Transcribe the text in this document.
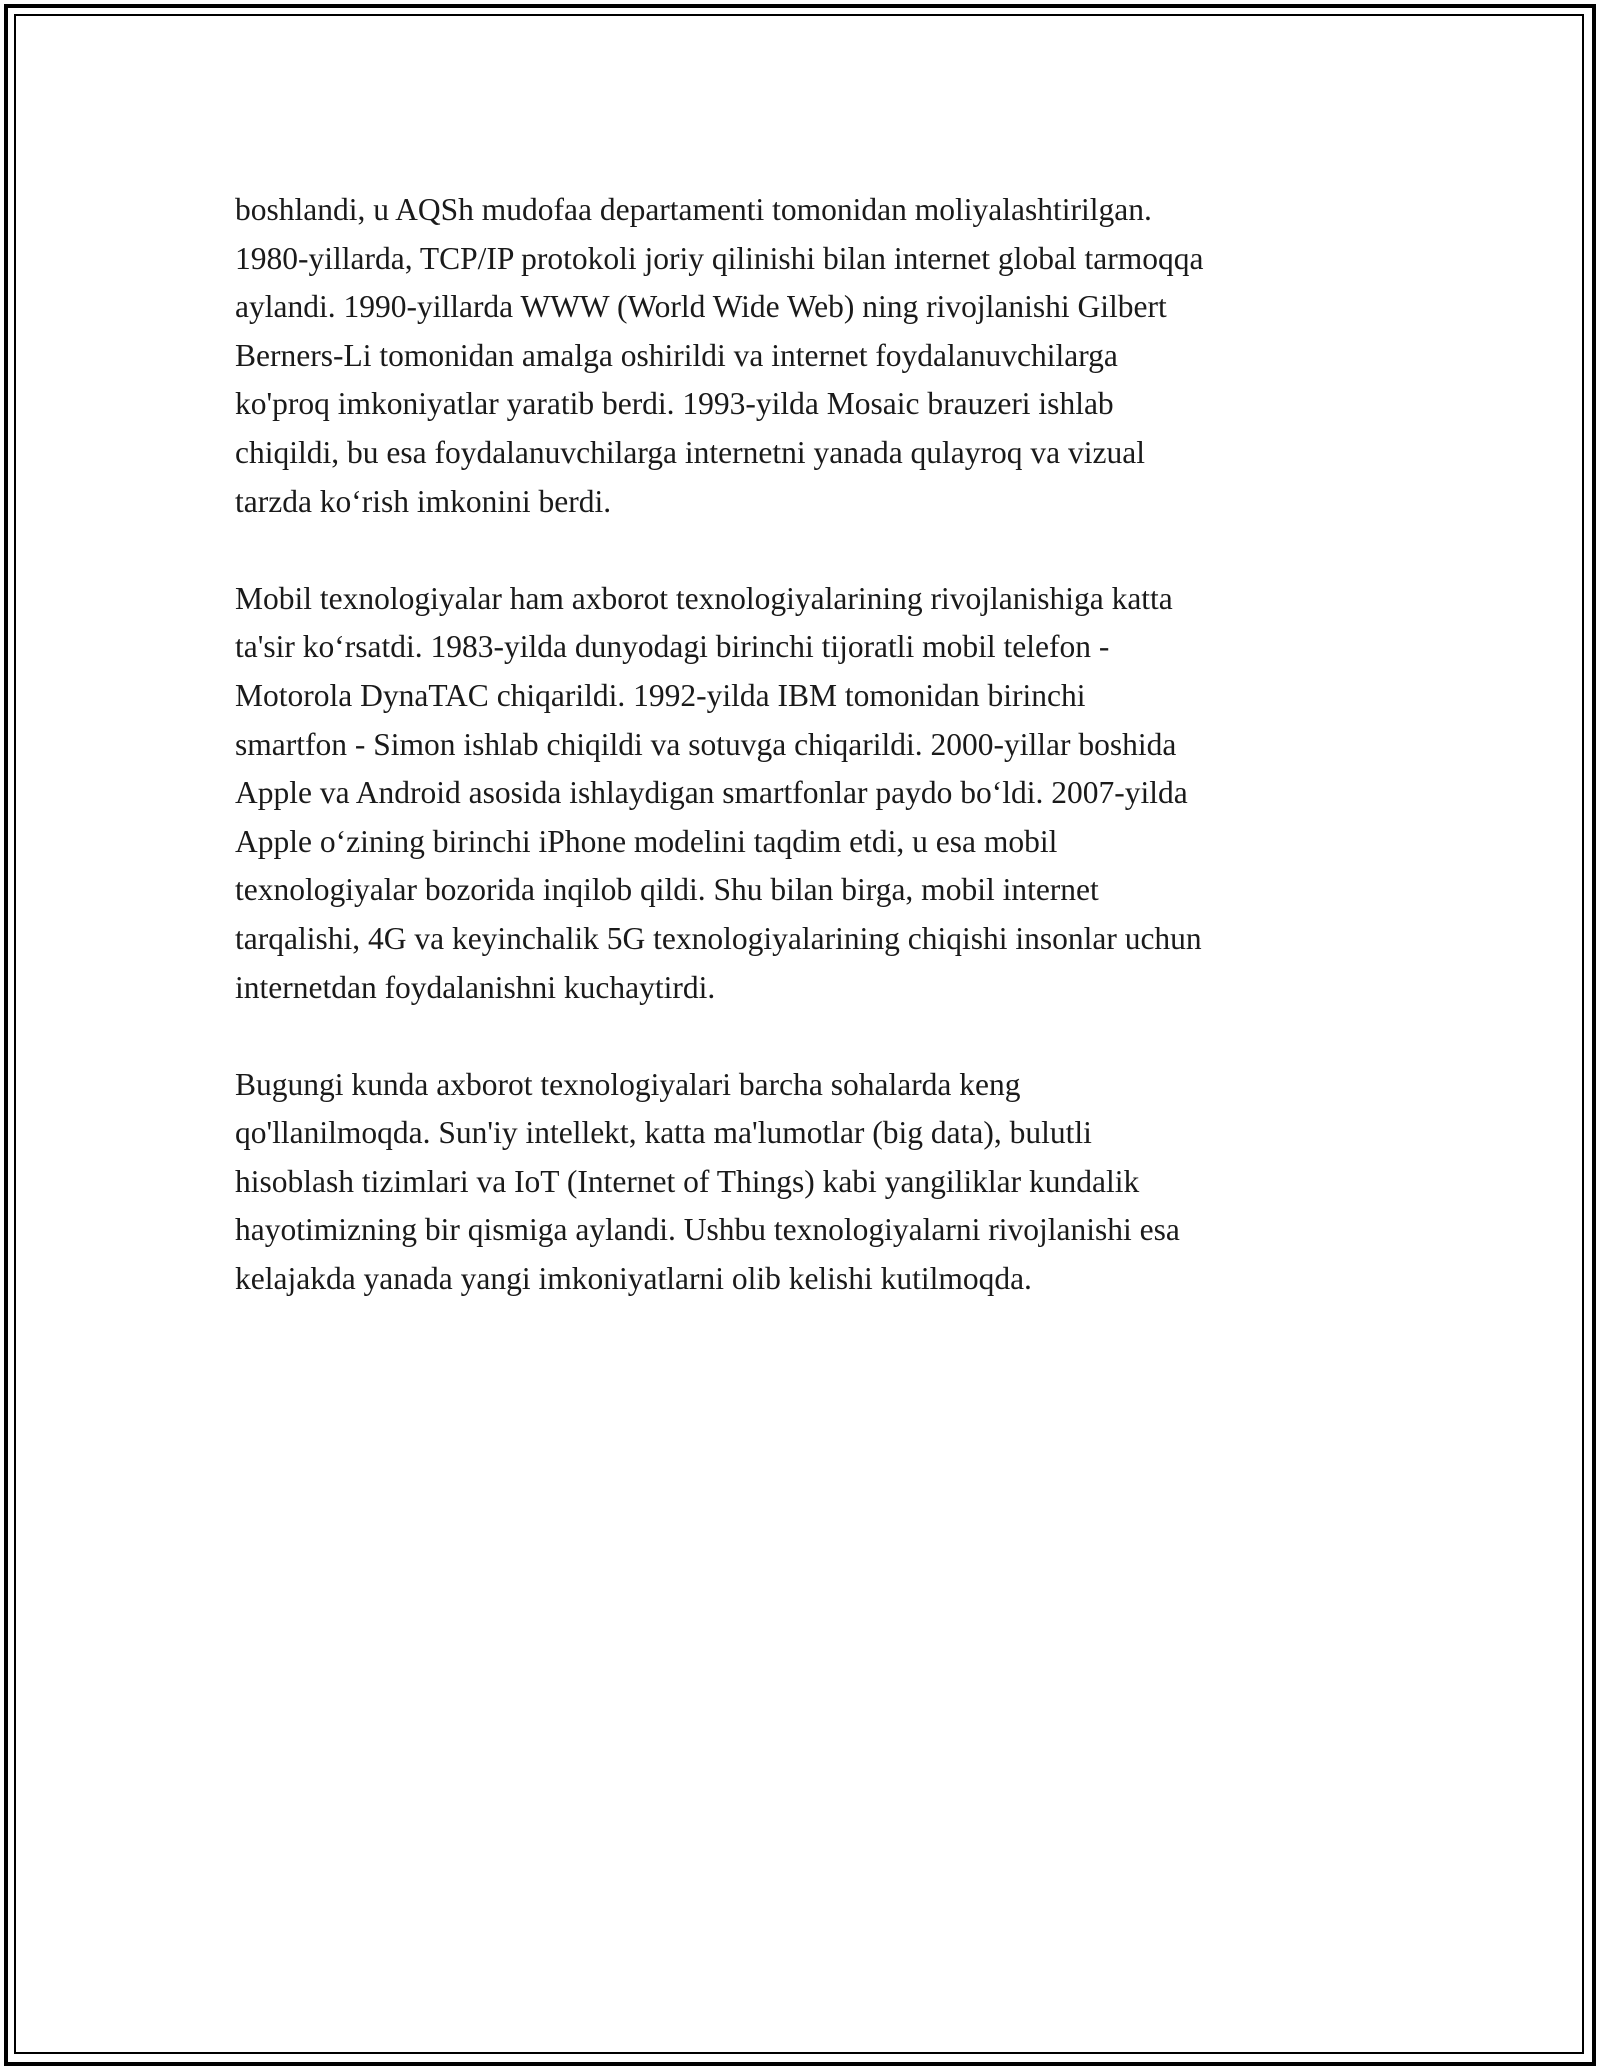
boshlandi, u AQSh mudofaa departamenti tomonidan moliyalashtirilgan.
1980-yillarda, TCP/IP protokoli joriy qilinishi bilan internet global tarmoqqa
aylandi. 1990-yillarda WWW (World Wide Web) ning rivojlanishi Gilbert
Berners-Li tomonidan amalga oshirildi va internet foydalanuvchilarga
ko'proq imkoniyatlar yaratib berdi. 1993-yilda Mosaic brauzeri ishlab
chiqildi, bu esa foydalanuvchilarga internetni yanada qulayroq va vizual
tarzda koʻrish imkonini berdi.

Mobil texnologiyalar ham axborot texnologiyalarining rivojlanishiga katta
ta'sir koʻrsatdi. 1983-yilda dunyodagi birinchi tijoratli mobil telefon -
Motorola DynaTAC chiqarildi. 1992-yilda IBM tomonidan birinchi
smartfon - Simon ishlab chiqildi va sotuvga chiqarildi. 2000-yillar boshida
Apple va Android asosida ishlaydigan smartfonlar paydo boʻldi. 2007-yilda
Apple oʻzining birinchi iPhone modelini taqdim etdi, u esa mobil
texnologiyalar bozorida inqilob qildi. Shu bilan birga, mobil internet
tarqalishi, 4G va keyinchalik 5G texnologiyalarining chiqishi insonlar uchun
internetdan foydalanishni kuchaytirdi.

Bugungi kunda axborot texnologiyalari barcha sohalarda keng
qo'llanilmoqda. Sun'iy intellekt, katta ma'lumotlar (big data), bulutli
hisoblash tizimlari va IoT (Internet of Things) kabi yangiliklar kundalik
hayotimizning bir qismiga aylandi. Ushbu texnologiyalarni rivojlanishi esa
kelajakda yanada yangi imkoniyatlarni olib kelishi kutilmoqda.
